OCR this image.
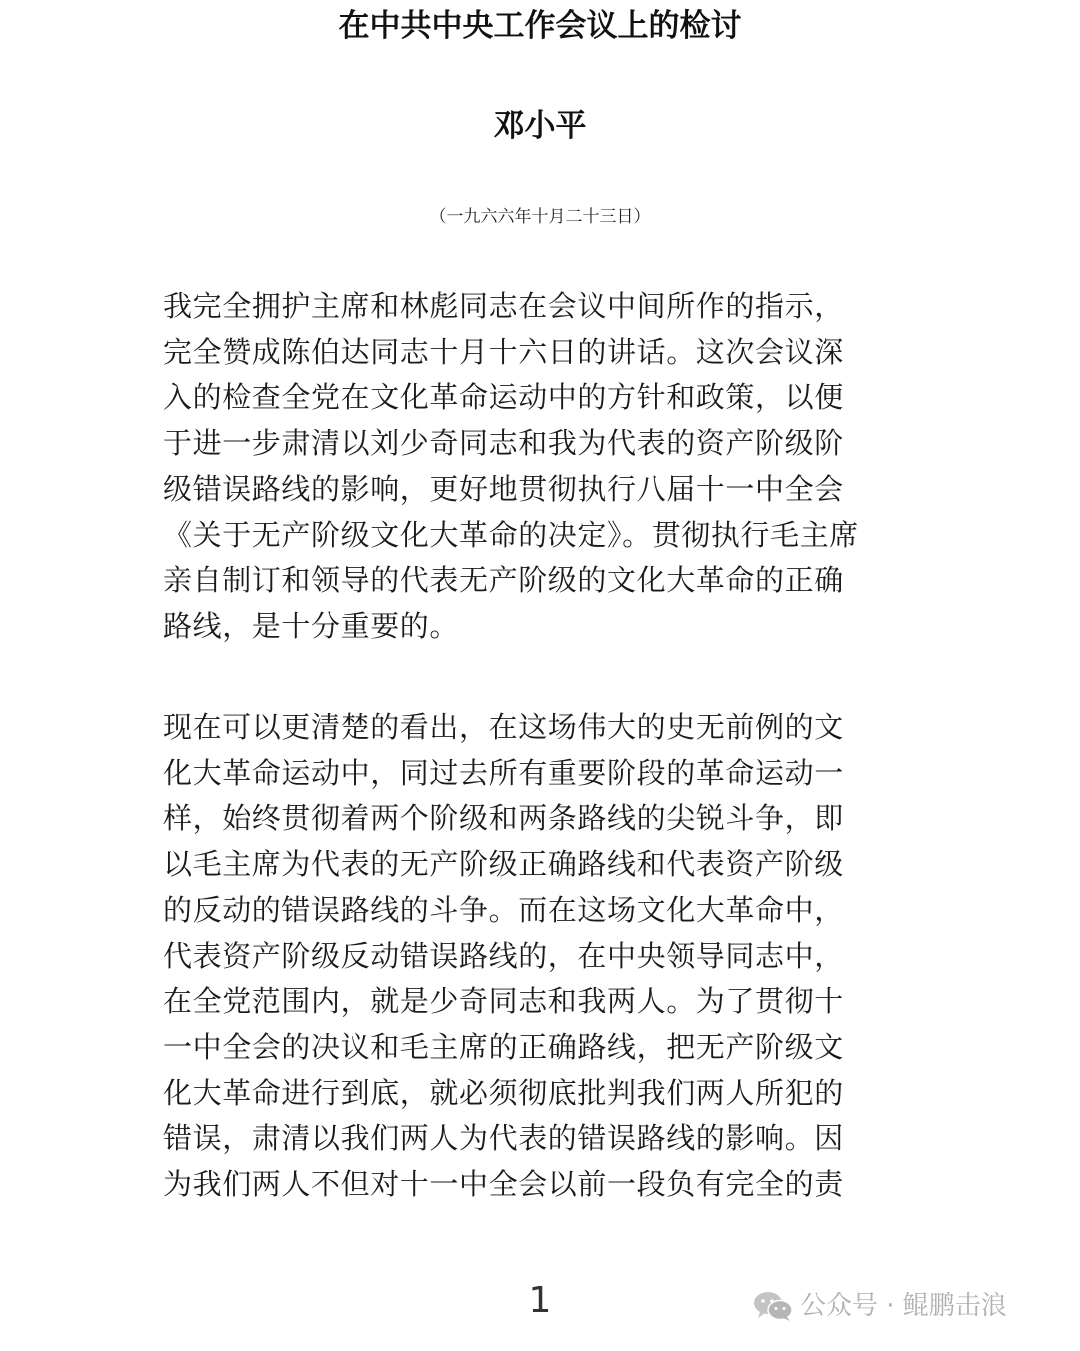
在中共中央工作会议上的检讨
邓小平
（一九六六年十月二十三日）
我完全拥护主席和林彪同志在会议中间所作的指示，
完全赞成陈伯达同志十月十六日的讲话。这次会议深
入的检查全党在文化革命运动中的方针和政策，以便
于进一步肃清以刘少奇同志和我为代表的资产阶级阶
级错误路线的影响，更好地贯彻执行八届十一中全会
《关于无产阶级文化大革命的决定》。贯彻执行毛主席
亲自制订和领导的代表无产阶级的文化大革命的正确
路线，是十分重要的。
现在可以更清楚的看出，在这场伟大的史无前例的文
化大革命运动中，同过去所有重要阶段的革命运动一
样，始终贯彻着两个阶级和两条路线的尖锐斗争，即
以毛主席为代表的无产阶级正确路线和代表资产阶级
的反动的错误路线的斗争。而在这场文化大革命中，
代表资产阶级反动错误路线的，在中央领导同志中，
在全党范围内，就是少奇同志和我两人。为了贯彻十
一中全会的决议和毛主席的正确路线，把无产阶级文
化大革命进行到底，就必须彻底批判我们两人所犯的
错误，肃清以我们两人为代表的错误路线的影响。因
为我们两人不但对十一中全会以前一段负有完全的责
1	公众号 · 鲲鹏击浪
